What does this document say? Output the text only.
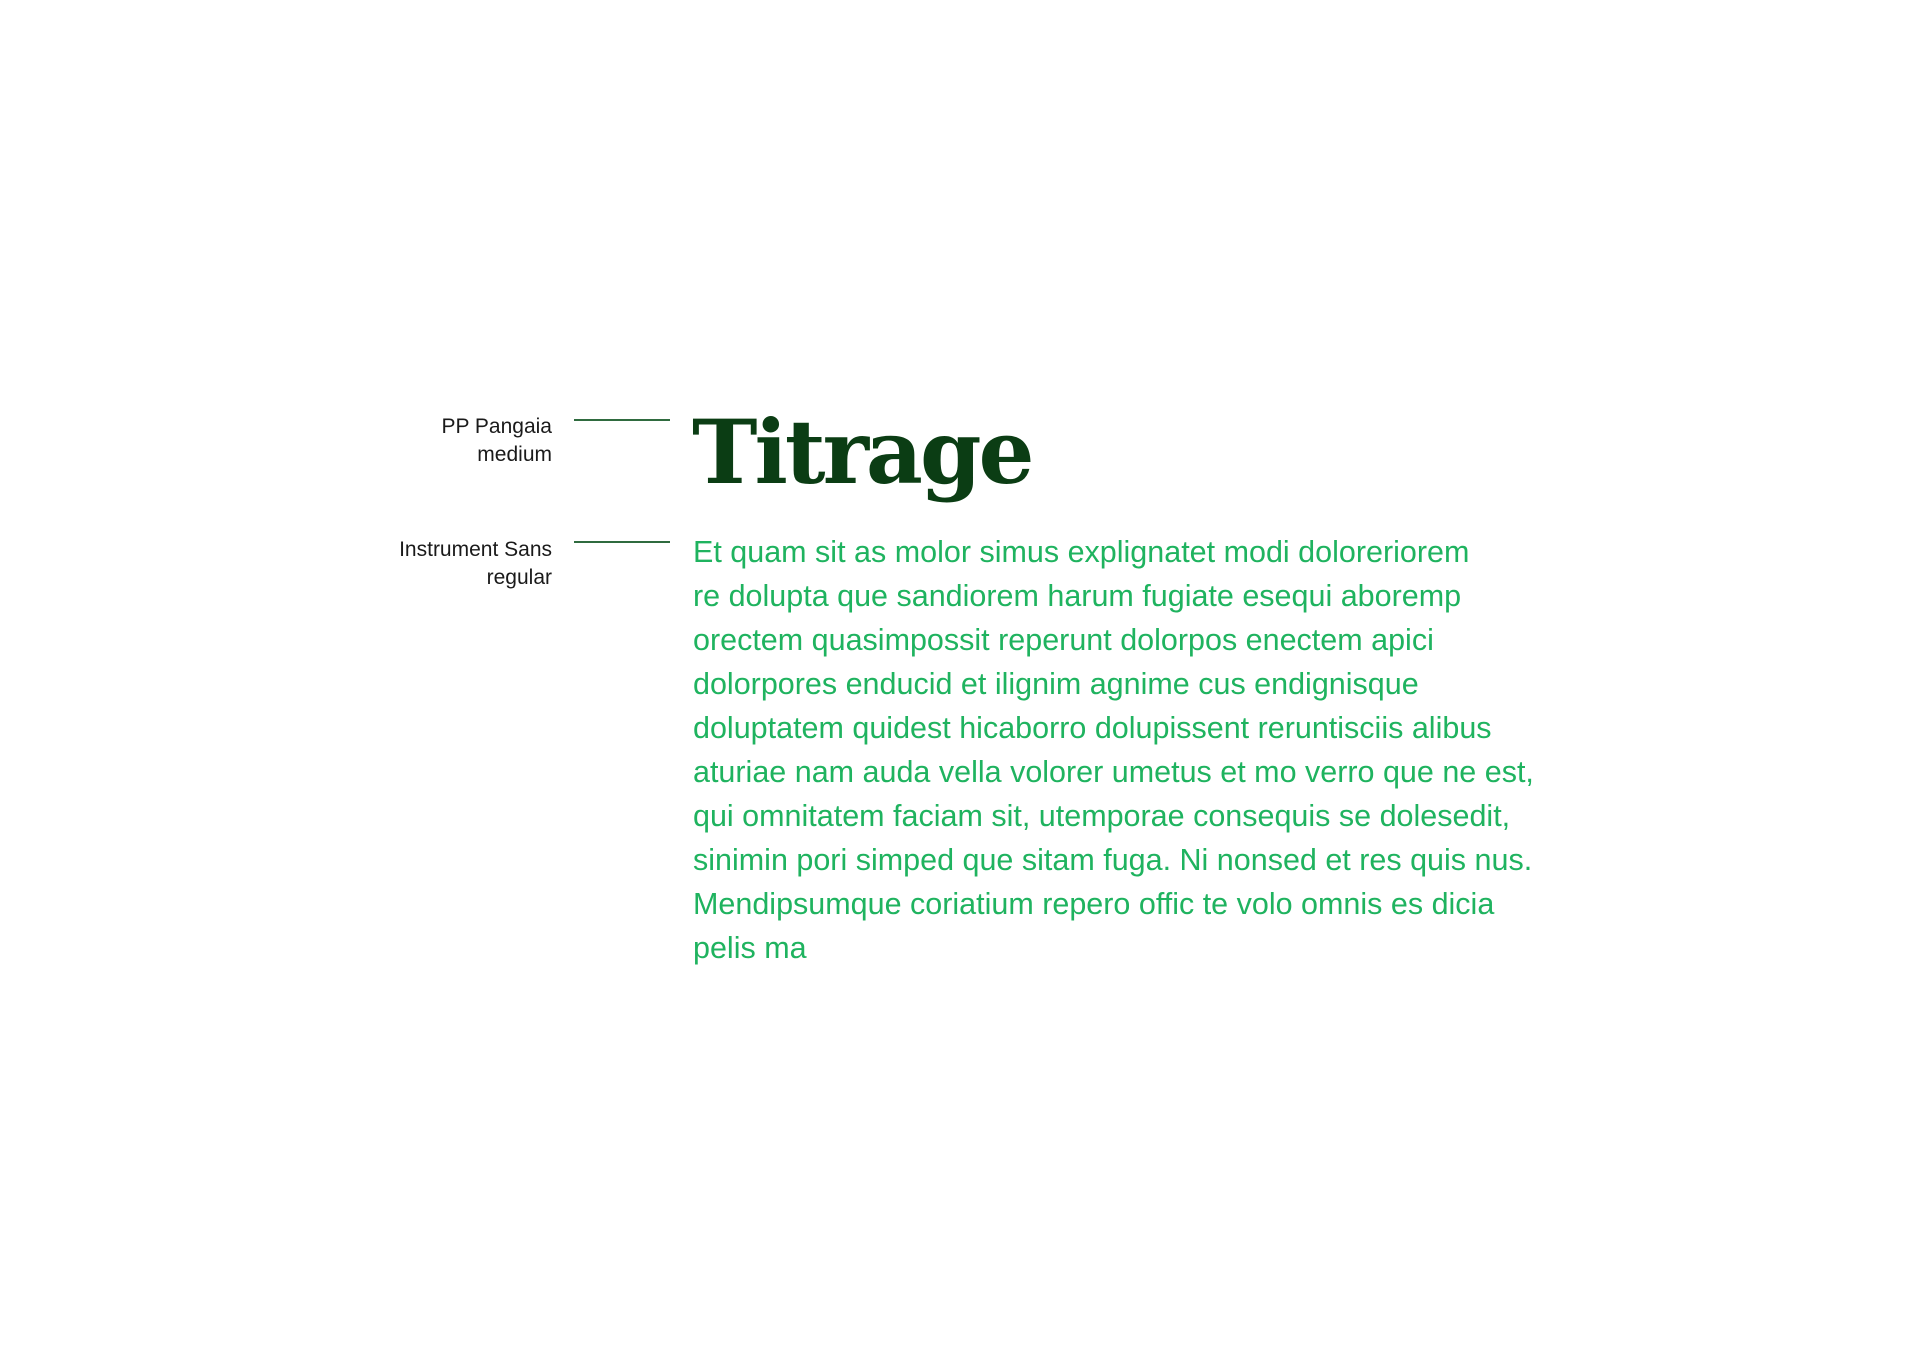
PP Pangaia
medium
Instrument Sans
regular
Titrage

Et quam sit as molor simus explignatet modi doloreriorem
re dolupta que sandiorem harum fugiate esequi aboremp
orectem quasimpossit reperunt dolorpos enectem apici
dolorpores enducid et ilignim agnime cus endignisque
doluptatem quidest hicaborro dolupissent reruntisciis alibus
aturiae nam auda vella volorer umetus et mo verro que ne est,
qui omnitatem faciam sit, utemporae consequis se dolesedit,
sinimin pori simped que sitam fuga. Ni nonsed et res quis nus.
Mendipsumque coriatium repero offic te volo omnis es dicia
pelis ma
